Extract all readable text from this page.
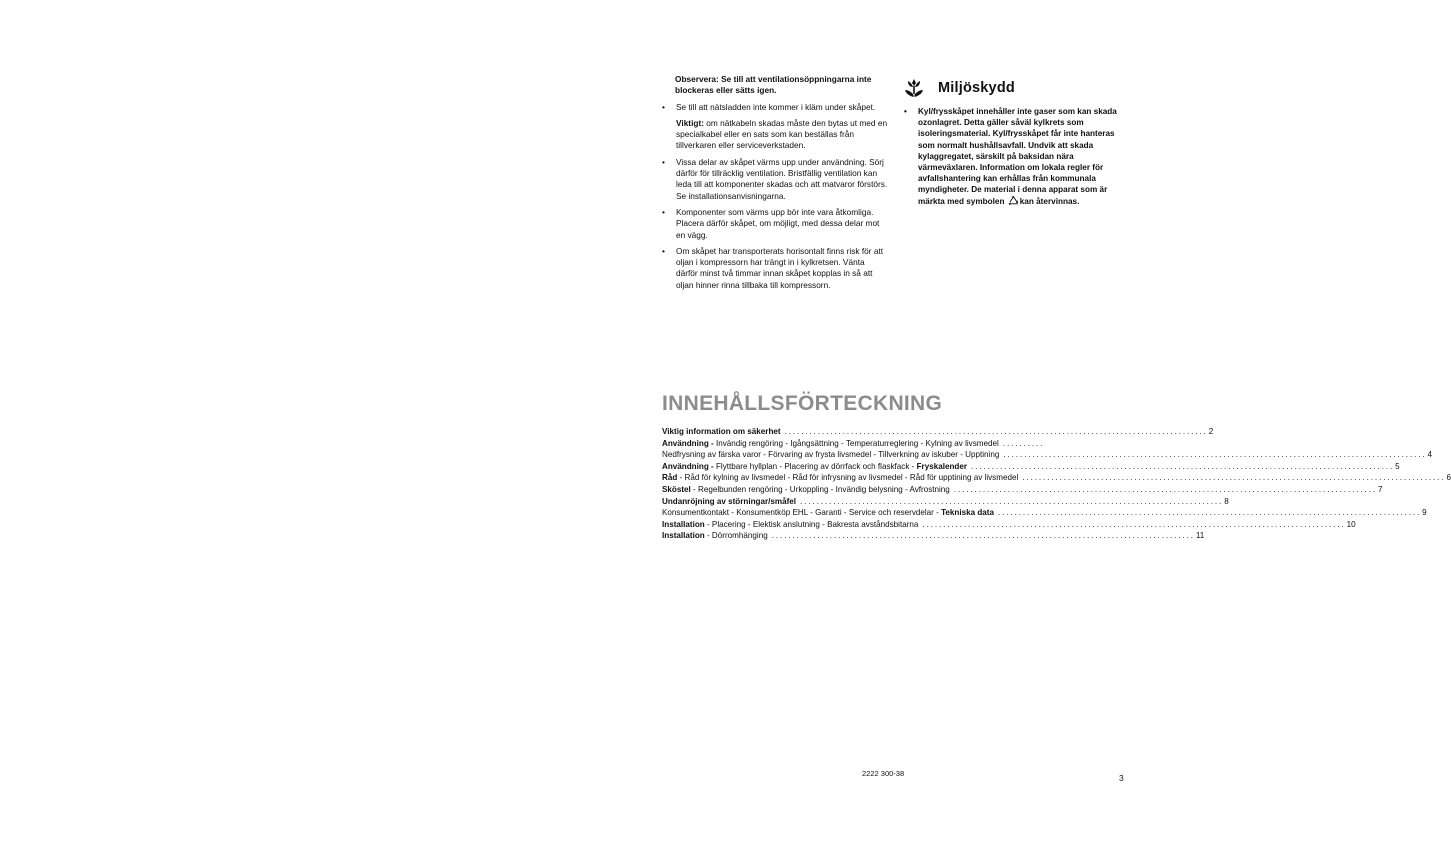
Observera: Se till att ventilationsöppningarna inte blockeras eller sätts igen.

• Se till att nätsladden inte kommer i kläm under skåpet.

Viktigt: om nätkabeln skadas måste den bytas ut med en specialkabel eller en sats som kan beställas från tillverkaren eller serviceverkstaden.

• Vissa delar av skåpet värms upp under användning. Sörj därför för tillräcklig ventilation. Bristfällig ventilation kan leda till att komponenter skadas och att matvaror förstörs. Se installationsanvisningarna.

• Komponenter som värms upp bör inte vara åtkomliga. Placera därför skåpet, om möjligt, med dessa delar mot en vägg.

• Om skåpet har transporterats horisontalt finns risk för att oljan i kompressorn har trängt in i kylkretsen. Vänta därför minst två timmar innan skåpet kopplas in så att oljan hinner rinna tillbaka till kompressorn.

Miljöskydd
• Kyl/frysskåpet innehåller inte gaser som kan skada ozonlagret. Detta gäller såväl kylkrets som isoleringsmaterial. Kyl/frysskåpet får inte hanteras som normalt hushållsavfall. Undvik att skada kylaggregatet, särskilt på baksidan nära värmeväxlaren. Information om lokala regler för avfallshantering kan erhållas från kommunala myndigheter. De material i denna apparat som är märkta med symbolen kan återvinnas.
INNEHÅLLSFÖRTECKNING
Viktig information om säkerhet ...................................................................................................... 2
Användning - Invändig rengöring - Igångsättning - Temperaturreglering - Kylning av livsmedel ..........
Nedfrysning av färska varor - Förvaring av frysta livsmedel - Tillverkning av iskuber - Upptining ...................................................................................................... 4
Användning - Flyttbare hyllplan - Placering av dörrfack och flaskfack - Fryskalender ...................................................................................................... 5
Råd - Råd för kylning av livsmedel - Råd för infrysning av livsmedel - Råd för upptining av livsmedel ...................................................................................................... 6
Sköstel - Regelbunden rengöring - Urkoppling - Invändig belysning - Avfrostning ...................................................................................................... 7
Undanröjning av störningar/småfel ...................................................................................................... 8
Konsumentkontakt - Konsumentköp EHL - Garanti - Service och reservdelar - Tekniska data ...................................................................................................... 9
Installation - Placering - Elektisk anslutning - Bakresta avståndsbitarna ...................................................................................................... 10
Installation - Dörromhänging ...................................................................................................... 11
2222 300-38	3
